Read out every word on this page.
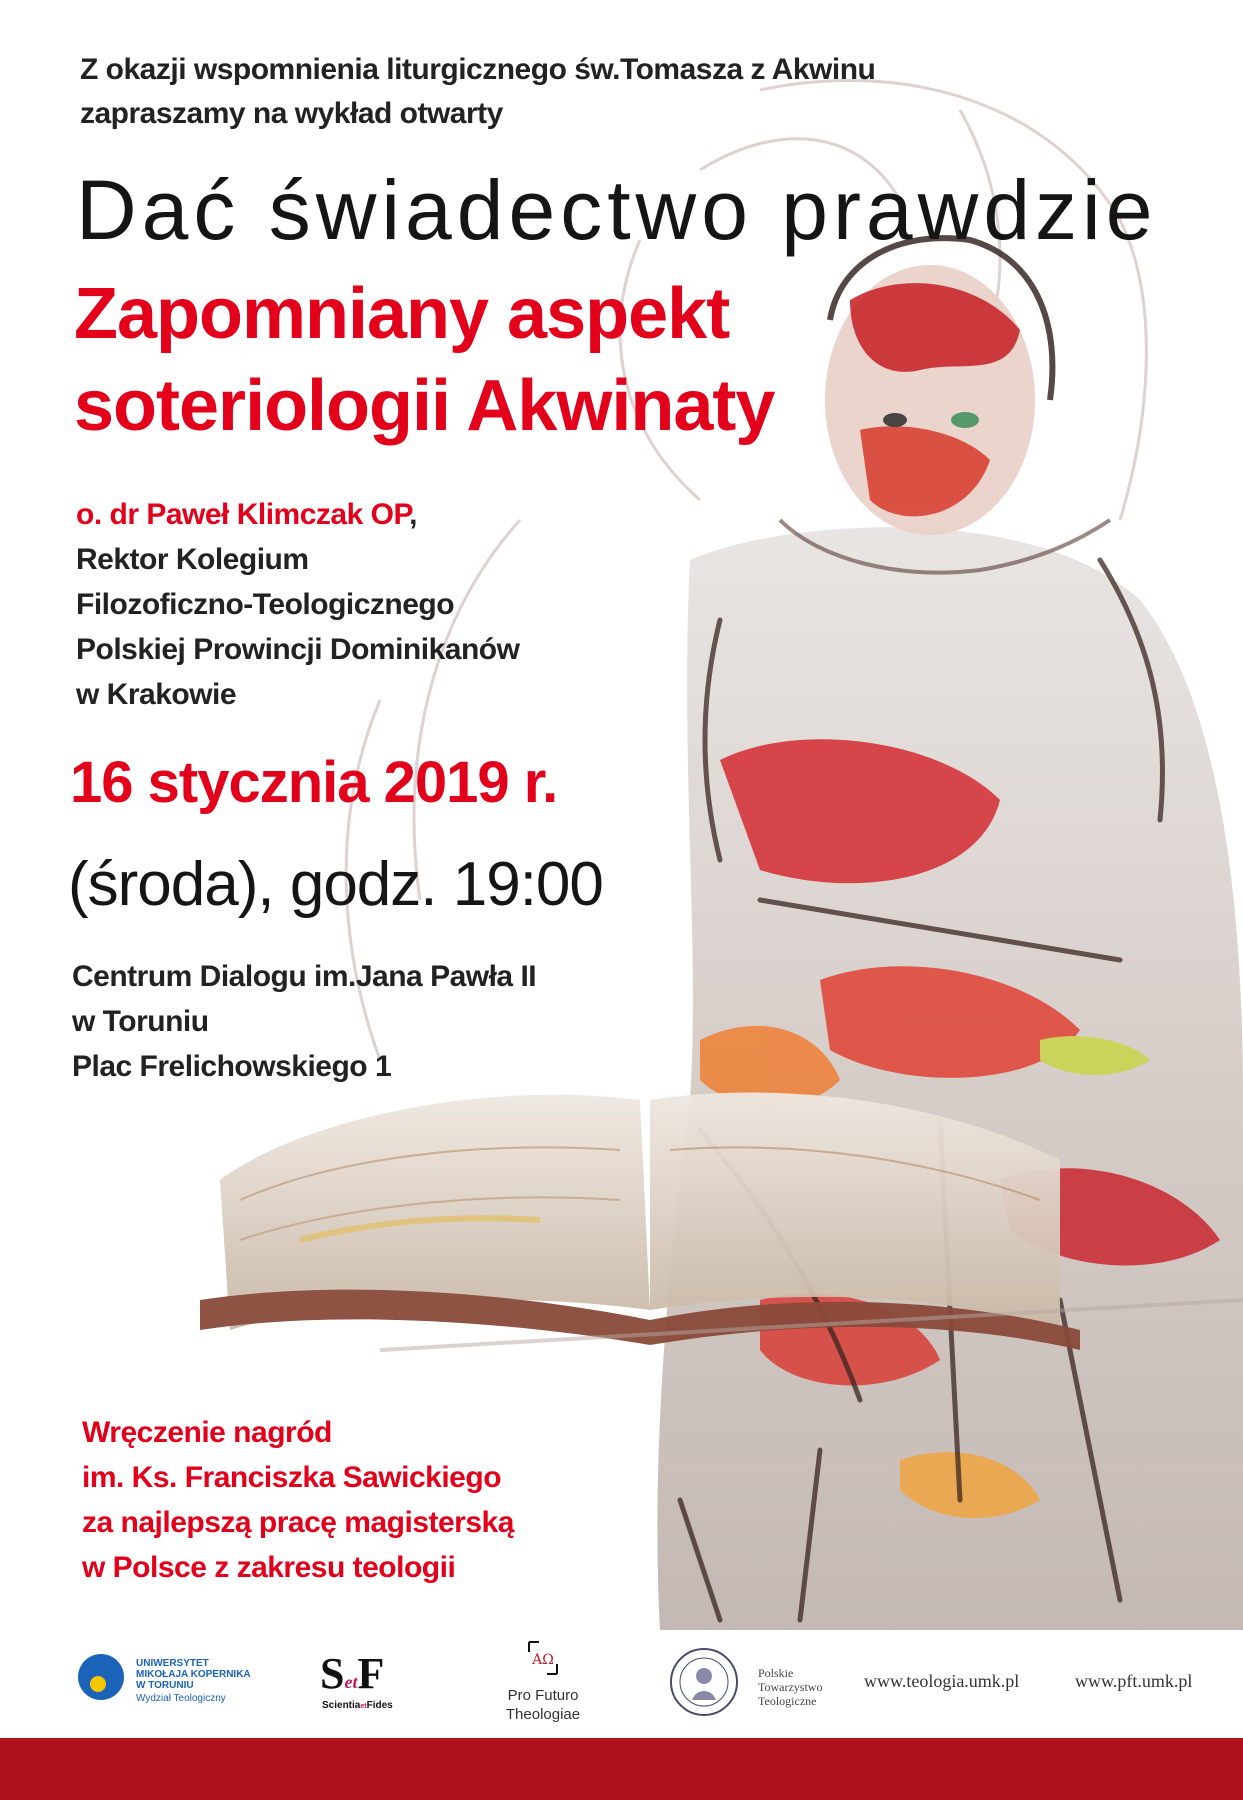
Z okazji wspomnienia liturgicznego św.Tomasza z Akwinu
zapraszamy na wykład otwarty
Dać świadectwo prawdzie
Zapomniany aspekt
soteriologii Akwinaty
o. dr Paweł Klimczak OP,
Rektor Kolegium
Filozoficzno-Teologicznego
Polskiej Prowincji Dominikanów
w Krakowie
16 stycznia 2019 r.
(środa), godz. 19:00
Centrum Dialogu im.Jana Pawła II
w Toruniu
Plac Frelichowskiego 1
Wręczenie nagród
im. Ks. Franciszka Sawickiego
za najlepszą pracę magisterską
w Polsce z zakresu teologii
UNIWERSYTET
MIKOŁAJA KOPERNIKA
W TORUNIU
Wydział Teologiczny
SetF
ScientiaetFides
AΩ
Pro Futuro
Theologiae
Polskie
Towarzystwo
Teologiczne
www.teologia.umk.pl	www.pft.umk.pl
